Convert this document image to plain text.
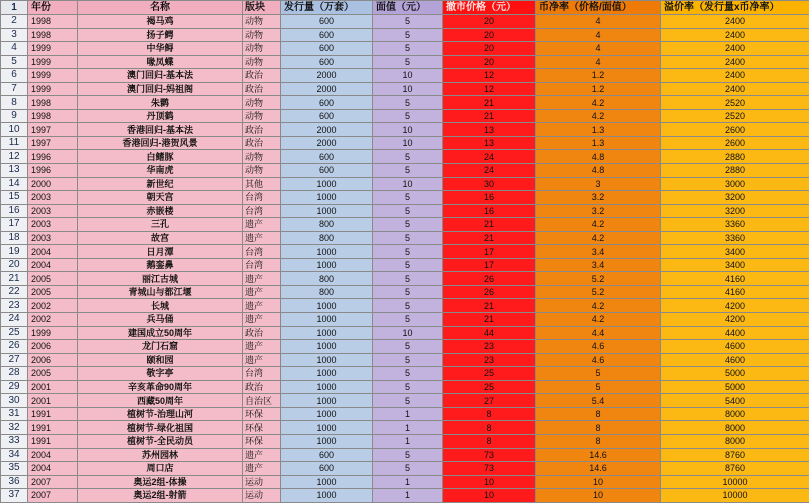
1	年份	名称	版块	发行量（万套）	面值（元）	撤市价格（元）	币净率（价格/面值）	溢价率（发行量x币净率）
2	1998	褐马鸡	动物	600	5	20	4	2400
3	1998	扬子鳄	动物	600	5	20	4	2400
4	1999	中华鲟	动物	600	5	20	4	2400
5	1999	喙凤蝶	动物	600	5	20	4	2400
6	1999	澳门回归-基本法	政治	2000	10	12	1.2	2400
7	1999	澳门回归-妈祖阁	政治	2000	10	12	1.2	2400
8	1998	朱鹮	动物	600	5	21	4.2	2520
9	1998	丹顶鹤	动物	600	5	21	4.2	2520
10	1997	香港回归-基本法	政治	2000	10	13	1.3	2600
11	1997	香港回归-港贺风景	政治	2000	10	13	1.3	2600
12	1996	白鳍豚	动物	600	5	24	4.8	2880
13	1996	华南虎	动物	600	5	24	4.8	2880
14	2000	新世纪	其他	1000	10	30	3	3000
15	2003	朝天宫	台湾	1000	5	16	3.2	3200
16	2003	赤嵌楼	台湾	1000	5	16	3.2	3200
17	2003	三孔	遗产	800	5	21	4.2	3360
18	2003	故宫	遗产	800	5	21	4.2	3360
19	2004	日月潭	台湾	1000	5	17	3.4	3400
20	2004	鹅銮鼻	台湾	1000	5	17	3.4	3400
21	2005	丽江古城	遗产	800	5	26	5.2	4160
22	2005	青城山与都江堰	遗产	800	5	26	5.2	4160
23	2002	长城	遗产	1000	5	21	4.2	4200
24	2002	兵马俑	遗产	1000	5	21	4.2	4200
25	1999	建国成立50周年	政治	1000	10	44	4.4	4400
26	2006	龙门石窟	遗产	1000	5	23	4.6	4600
27	2006	颐和园	遗产	1000	5	23	4.6	4600
28	2005	敬字亭	台湾	1000	5	25	5	5000
29	2001	辛亥革命90周年	政治	1000	5	25	5	5000
30	2001	西藏50周年	自治区	1000	5	27	5.4	5400
31	1991	植树节-治理山河	环保	1000	1	8	8	8000
32	1991	植树节-绿化祖国	环保	1000	1	8	8	8000
33	1991	植树节-全民动员	环保	1000	1	8	8	8000
34	2004	苏州园林	遗产	600	5	73	14.6	8760
35	2004	周口店	遗产	600	5	73	14.6	8760
36	2007	奥运2组-体操	运动	1000	1	10	10	10000
37	2007	奥运2组-射箭	运动	1000	1	10	10	10000
